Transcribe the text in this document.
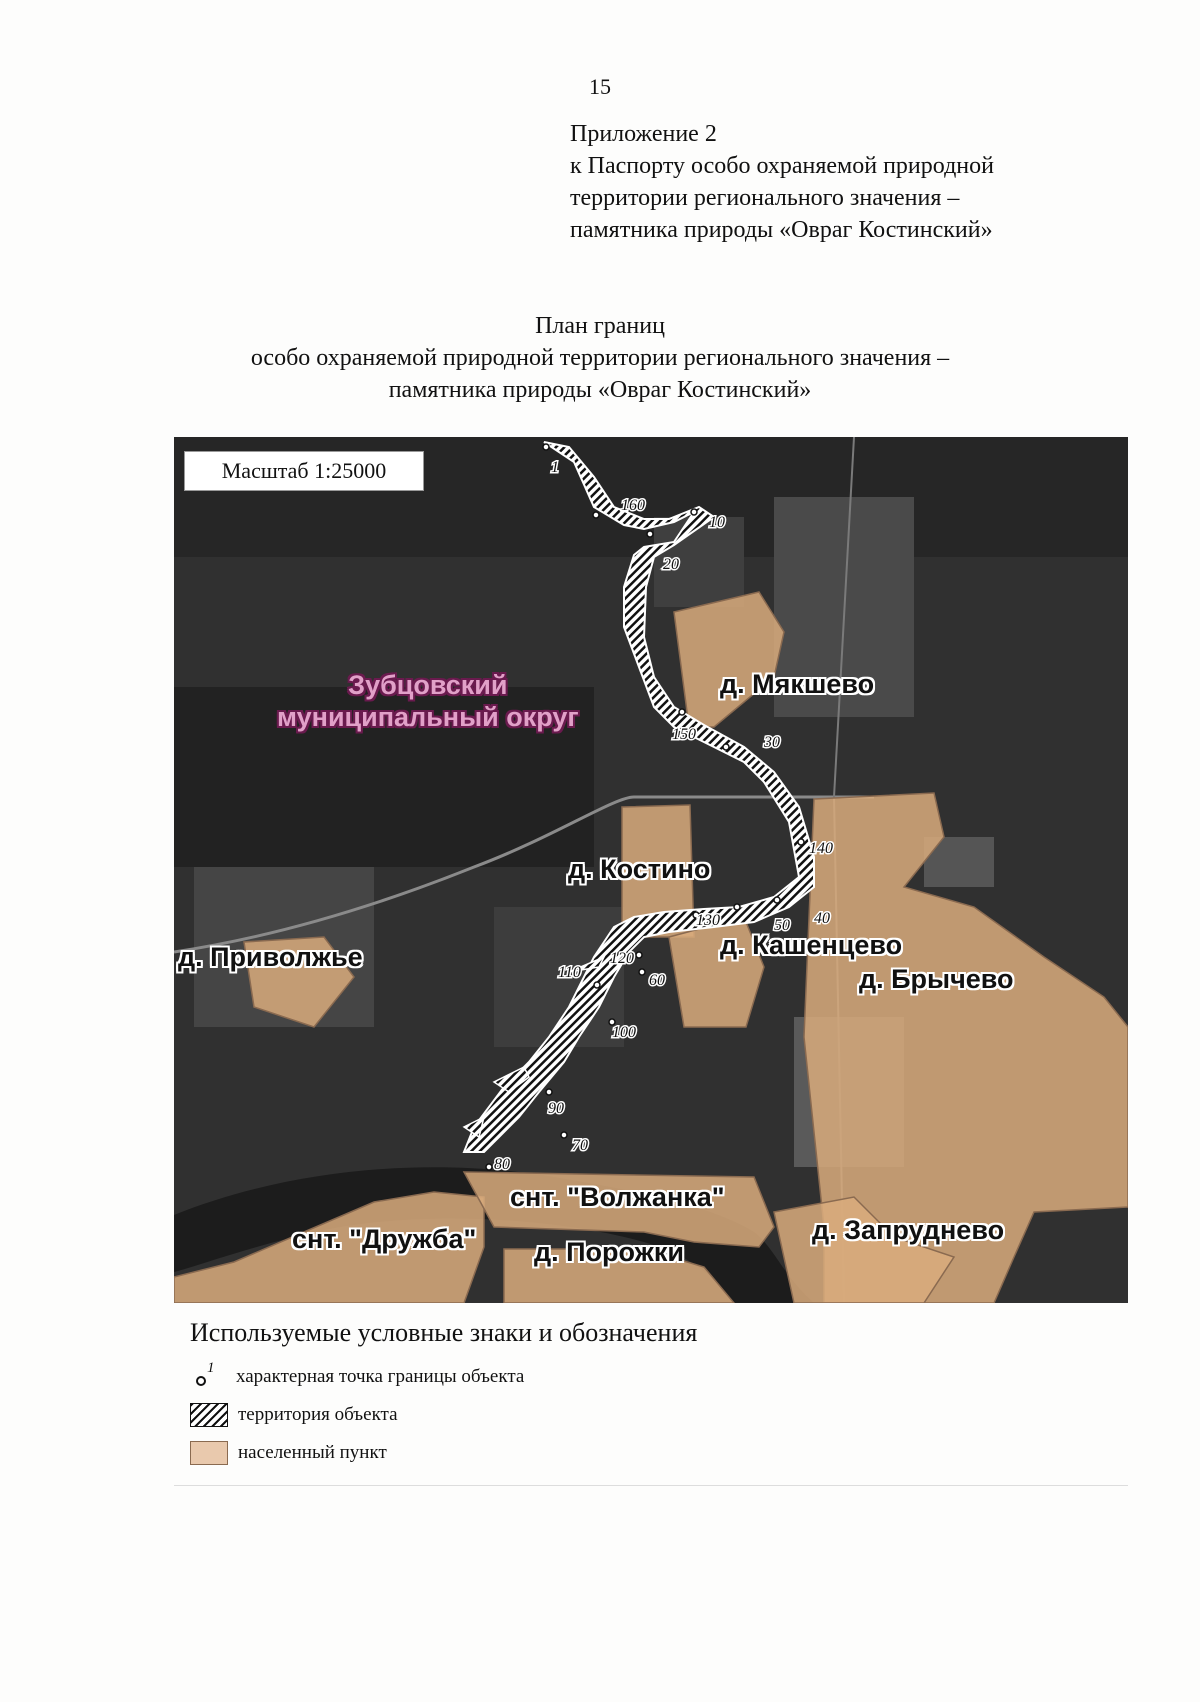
15
Приложение 2
к Паспорту особо охраняемой природной
территории регионального значения –
памятника природы «Овраг Костинский»
План границ
особо охраняемой природной территории регионального значения –
памятника природы «Овраг Костинский»
1
160
10
20
150	30
140
40
50
130
120
60
110
100
90
70
80
Масштаб 1:25000
Зубцовский
муниципальный округ
д. Мякшево
д. Костино
д. Кашенцево
д. Брычево
д. Приволжье
снт. "Волжанка"
снт. "Дружба" д. Порожки
д. Запруднево
Используемые условные знаки и обозначения
1 характерная точка границы объекта
территория объекта
населенный пункт
